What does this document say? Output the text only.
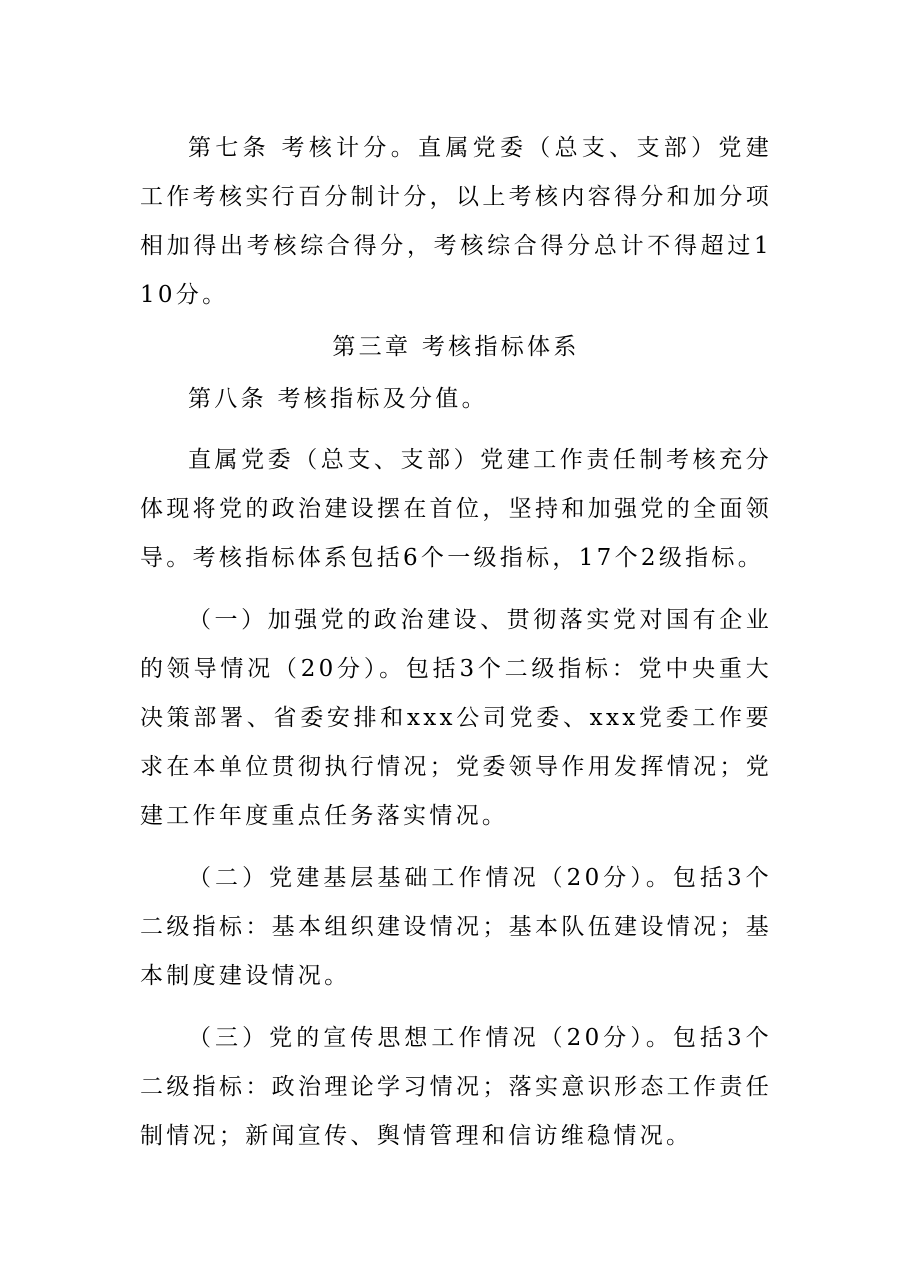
第七条 考核计分。直属党委（总支、支部）党建工作考核实行百分制计分，以上考核内容得分和加分项相加得出考核综合得分，考核综合得分总计不得超过110分。

第三章 考核指标体系

第八条 考核指标及分值。

直属党委（总支、支部）党建工作责任制考核充分体现将党的政治建设摆在首位，坚持和加强党的全面领导。考核指标体系包括6个一级指标，17个2级指标。

（一）加强党的政治建设、贯彻落实党对国有企业的领导情况（20分）。包括3个二级指标：党中央重大决策部署、省委安排和xxx公司党委、xxx党委工作要求在本单位贯彻执行情况；党委领导作用发挥情况；党建工作年度重点任务落实情况。

（二）党建基层基础工作情况（20分）。包括3个二级指标：基本组织建设情况；基本队伍建设情况；基本制度建设情况。

（三）党的宣传思想工作情况（20分）。包括3个二级指标：政治理论学习情况；落实意识形态工作责任制情况；新闻宣传、舆情管理和信访维稳情况。
